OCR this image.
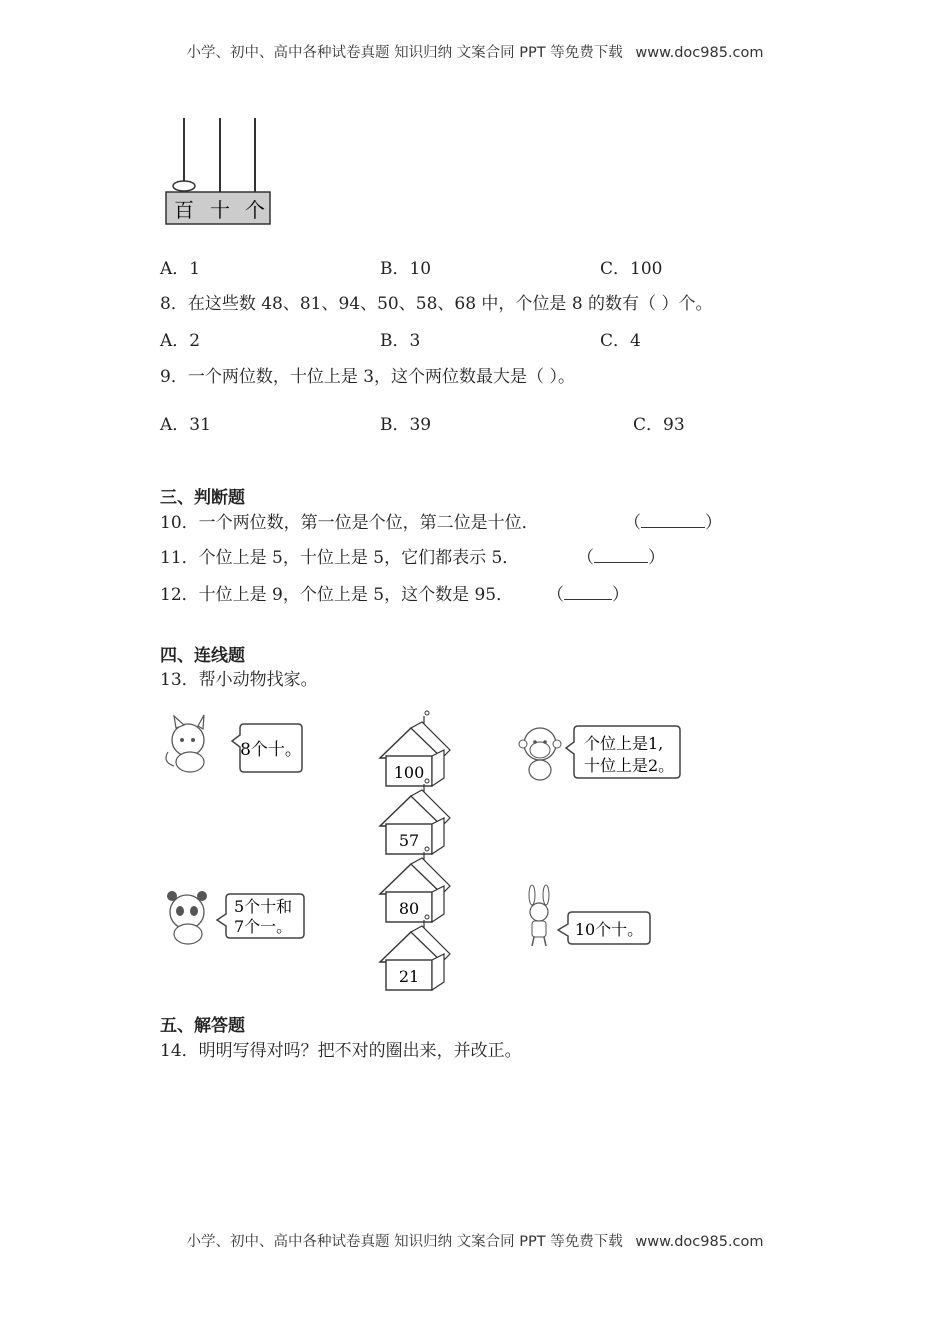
小学、初中、高中各种试卷真题 知识归纳 文案合同 PPT 等免费下载 www.doc985.com
百 十 个
A．1	B．10	C．100
8．在这些数 48、81、94、50、58、68 中，个位是 8 的数有（ ）个。
A．2	B．3	C．4
9．一个两位数，十位上是 3，这个两位数最大是（ ）。
A．31	B．39	C．93
三、判断题
10．一个两位数，第一位是个位，第二位是十位．	（	）
11．个位上是 5，十位上是 5，它们都表示 5．	（	）
12．十位上是 9，个位上是 5，这个数是 95． （	）
四、连线题
13．帮小动物找家。
8个十。
100
57
80
21
个位上是1,
十位上是2。
5个十和
7个一。	10个十。
五、解答题
14．明明写得对吗？把不对的圈出来，并改正。
小学、初中、高中各种试卷真题 知识归纳 文案合同 PPT 等免费下载 www.doc985.com
